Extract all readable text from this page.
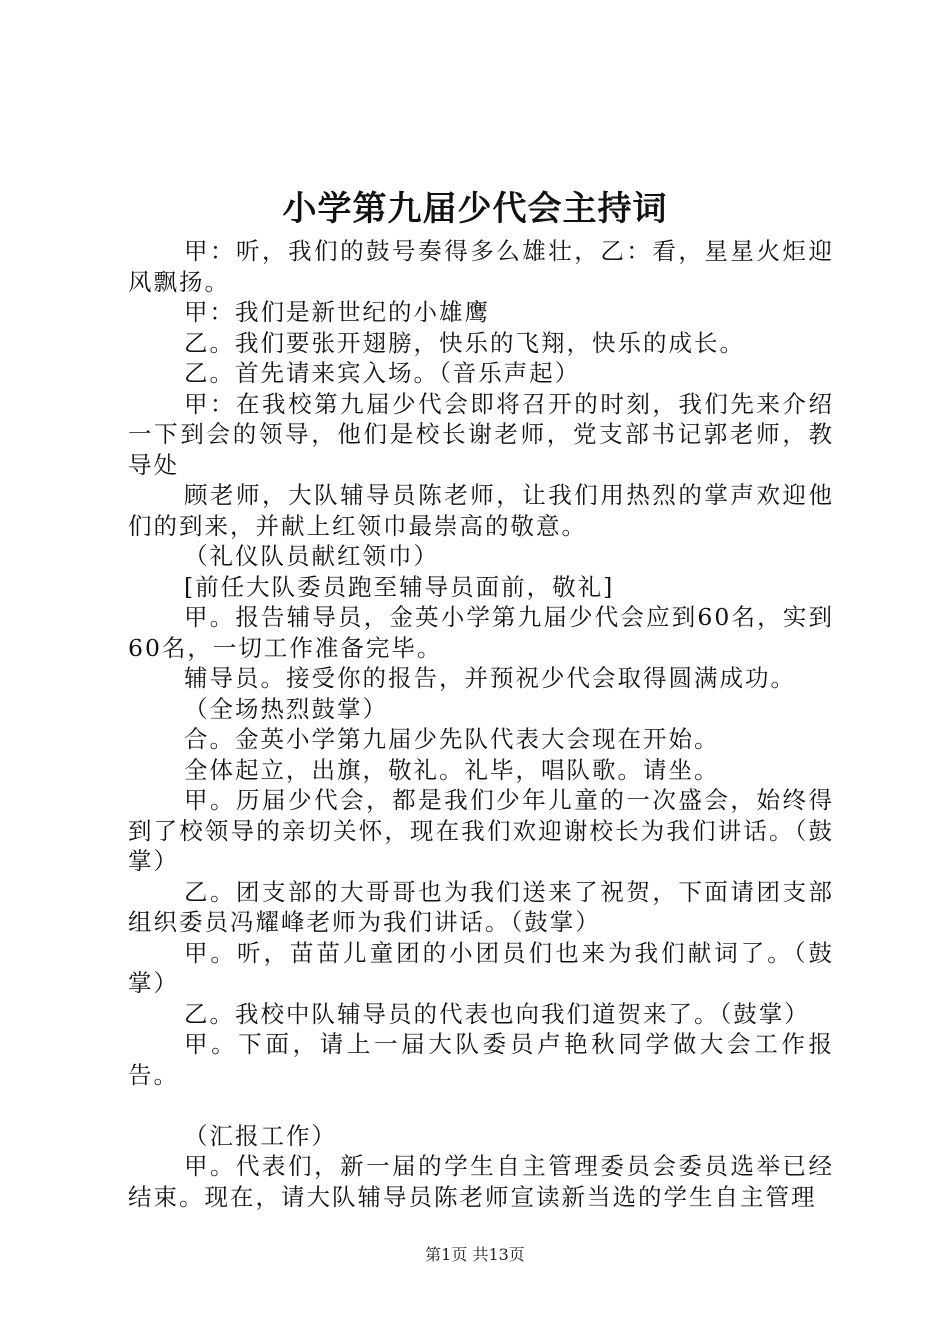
小学第九届少代会主持词

甲：听，我们的鼓号奏得多么雄壮，乙：看，星星火炬迎风飘扬。

甲：我们是新世纪的小雄鹰

乙。我们要张开翅膀，快乐的飞翔，快乐的成长。

乙。首先请来宾入场。（音乐声起）

甲：在我校第九届少代会即将召开的时刻，我们先来介绍一下到会的领导，他们是校长谢老师，党支部书记郭老师，教导处

顾老师，大队辅导员陈老师，让我们用热烈的掌声欢迎他们的到来，并献上红领巾最崇高的敬意。

（礼仪队员献红领巾）

[前任大队委员跑至辅导员面前，敬礼]

甲。报告辅导员，金英小学第九届少代会应到60名，实到60名，一切工作准备完毕。

辅导员。接受你的报告，并预祝少代会取得圆满成功。

（全场热烈鼓掌）

合。金英小学第九届少先队代表大会现在开始。

全体起立，出旗，敬礼。礼毕，唱队歌。请坐。

甲。历届少代会，都是我们少年儿童的一次盛会，始终得到了校领导的亲切关怀，现在我们欢迎谢校长为我们讲话。（鼓掌）

乙。团支部的大哥哥也为我们送来了祝贺，下面请团支部组织委员冯耀峰老师为我们讲话。（鼓掌）

甲。听，苗苗儿童团的小团员们也来为我们献词了。（鼓掌）

乙。我校中队辅导员的代表也向我们道贺来了。（鼓掌）

甲。下面，请上一届大队委员卢艳秋同学做大会工作报告。

（汇报工作）

甲。代表们，新一届的学生自主管理委员会委员选举已经结束。现在，请大队辅导员陈老师宣读新当选的学生自主管理

第1页 共13页
